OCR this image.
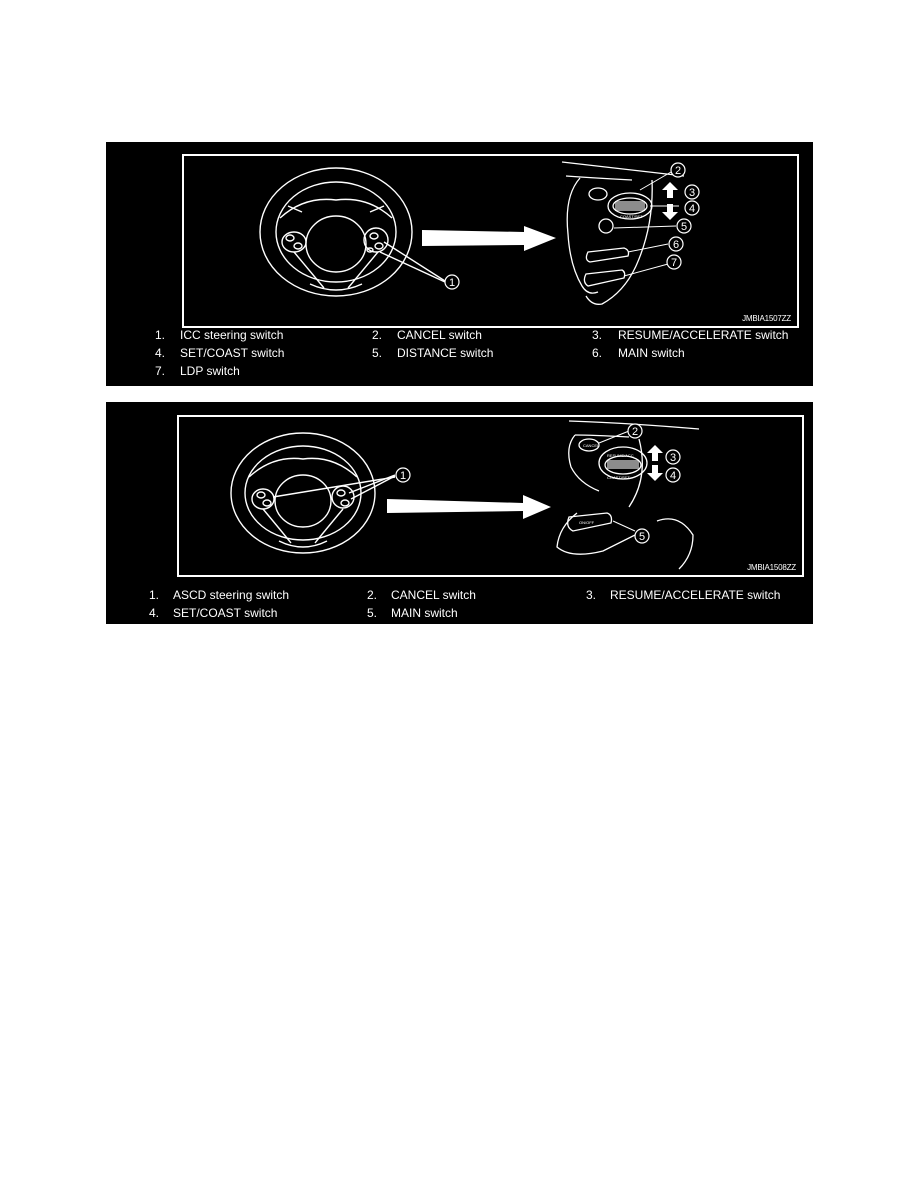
COAST/SET
1
2
3
4
5
6
7
JMBIA1507ZZ
1. ICC steering switch	2. CANCEL switch	3. RESUME/ACCELERATE switch
4. SET/COAST switch	5. DISTANCE switch	6. MAIN switch
7. LDP switch
CANCEL
RESUME/ACC
COAST/SET
ON/OFF
1
2
3
4
5
JMBIA1508ZZ
1. ASCD steering switch	2. CANCEL switch	3. RESUME/ACCELERATE switch
4. SET/COAST switch	5. MAIN switch
